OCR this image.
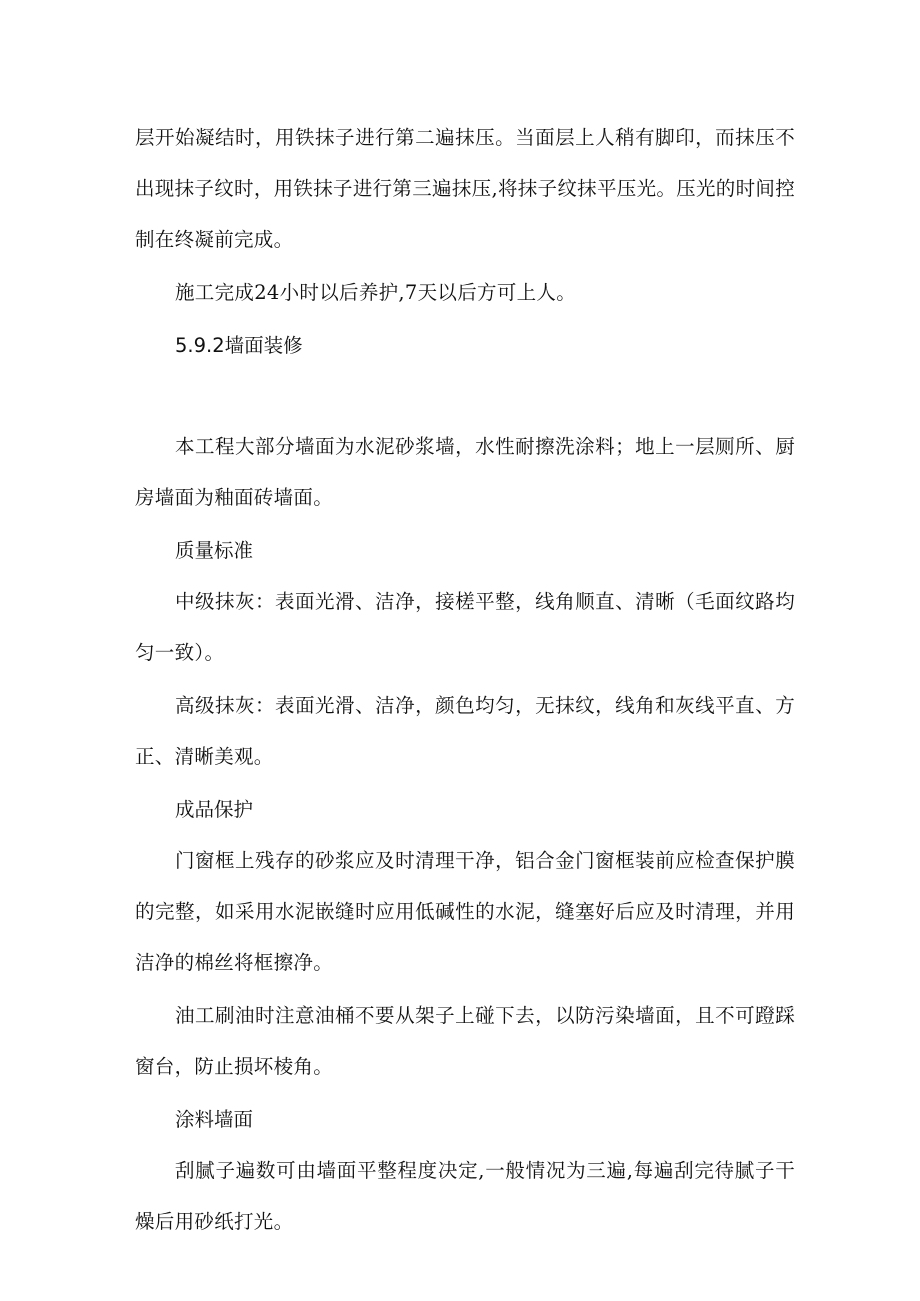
层开始凝结时，用铁抹子进行第二遍抹压。当面层上人稍有脚印，而抹压不出现抹子纹时，用铁抹子进行第三遍抹压,将抹子纹抹平压光。压光的时间控制在终凝前完成。

施工完成24小时以后养护,7天以后方可上人。

5.9.2墙面装修

本工程大部分墙面为水泥砂浆墙，水性耐擦洗涂料；地上一层厕所、厨房墙面为釉面砖墙面。

质量标准

中级抹灰：表面光滑、洁净，接槎平整，线角顺直、清晰（毛面纹路均匀一致）。

高级抹灰：表面光滑、洁净，颜色均匀，无抹纹，线角和灰线平直、方正、清晰美观。

成品保护

门窗框上残存的砂浆应及时清理干净，铝合金门窗框装前应检查保护膜的完整，如采用水泥嵌缝时应用低碱性的水泥，缝塞好后应及时清理，并用洁净的棉丝将框擦净。

油工刷油时注意油桶不要从架子上碰下去，以防污染墙面，且不可蹬踩窗台，防止损坏棱角。

涂料墙面

刮腻子遍数可由墙面平整程度决定,一般情况为三遍,每遍刮完待腻子干燥后用砂纸打光。
